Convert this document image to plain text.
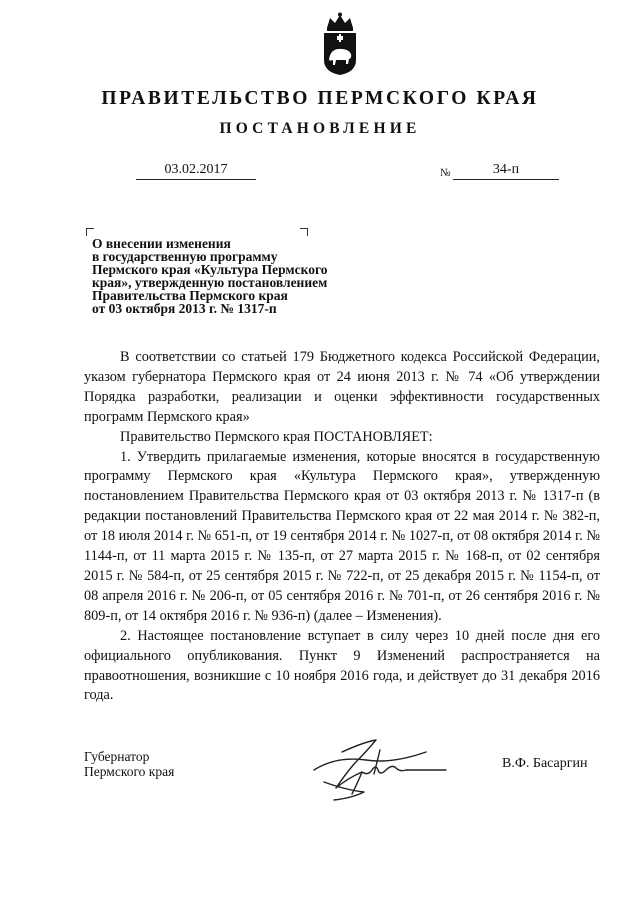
ПРАВИТЕЛЬСТВО ПЕРМСКОГО КРАЯ
ПОСТАНОВЛЕНИЕ
03.02.2017	№	34-п
О внесении изменения
в государственную программу
Пермского края «Культура Пермского
края», утвержденную постановлением
Правительства Пермского края
от 03 октября 2013 г. № 1317-п

В соответствии со статьей 179 Бюджетного кодекса Российской Федерации, указом губернатора Пермского края от 24 июня 2013 г. № 74 «Об утверждении Порядка разработки, реализации и оценки эффективности государственных программ Пермского края»

Правительство Пермского края ПОСТАНОВЛЯЕТ:

1. Утвердить прилагаемые изменения, которые вносятся в государственную программу Пермского края «Культура Пермского края», утвержденную постановлением Правительства Пермского края от 03 октября 2013 г. № 1317-п (в редакции постановлений Правительства Пермского края от 22 мая 2014 г. № 382-п, от 18 июля 2014 г. № 651-п, от 19 сентября 2014 г. № 1027-п, от 08 октября 2014 г. № 1144-п, от 11 марта 2015 г. № 135-п, от 27 марта 2015 г. № 168-п, от 02 сентября 2015 г. № 584-п, от 25 сентября 2015 г. № 722-п, от 25 декабря 2015 г. № 1154-п, от 08 апреля 2016 г. № 206-п, от 05 сентября 2016 г. № 701-п, от 26 сентября 2016 г. № 809-п, от 14 октября 2016 г. № 936-п) (далее – Изменения).

2. Настоящее постановление вступает в силу через 10 дней после дня его официального опубликования. Пункт 9 Изменений распространяется на правоотношения, возникшие с 10 ноября 2016 года, и действует до 31 декабря 2016 года.

Губернатор
Пермского края
В.Ф. Басаргин
